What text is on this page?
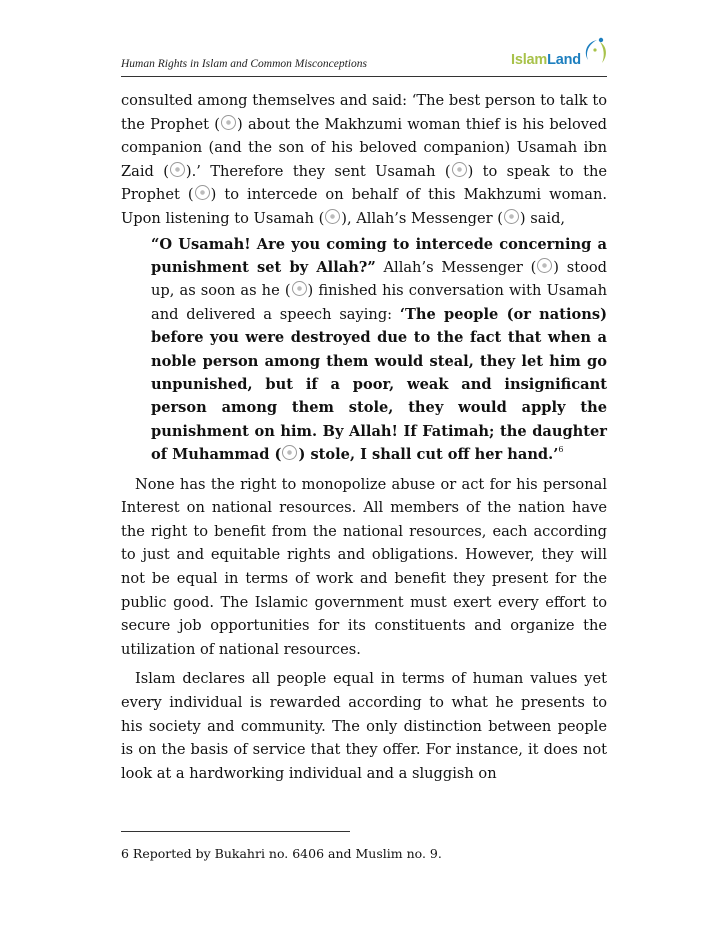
Human Rights in Islam and Common Misconceptions	IslamLand

consulted among themselves and said: ‘The best person to talk to the Prophet ( ) about the Makhzumi woman thief is his beloved companion (and the son of his beloved companion) Usamah ibn Zaid ( ).’ Therefore they sent Usamah ( ) to speak to the Prophet ( ) to intercede on behalf of this Makhzumi woman. Upon listening to Usamah ( ), Allah’s Messenger ( ) said,

“O Usamah! Are you coming to intercede concerning a punishment set by Allah?” Allah’s Messenger ( ) stood up, as soon as he ( ) finished his conversation with Usamah and delivered a speech saying: ‘The people (or nations) before you were destroyed due to the fact that when a noble person among them would steal, they let him go unpunished, but if a poor, weak and insignificant person among them stole, they would apply the punishment on him. By Allah! If Fatimah; the daughter of Muhammad ( ) stole, I shall cut off her hand.’$^6$

None has the right to monopolize abuse or act for his personal Interest on national resources. All members of the nation have the right to benefit from the national resources, each according to just and equitable rights and obligations. However, they will not be equal in terms of work and benefit they present for the public good. The Islamic government must exert every effort to secure job opportunities for its constituents and organize the utilization of national resources.

Islam declares all people equal in terms of human values yet every individual is rewarded according to what he presents to his society and community. The only distinction between people is on the basis of service that they offer. For instance, it does not look at a hardworking individual and a sluggish on

6 Reported by Bukahri no. 6406 and Muslim no. 9.
